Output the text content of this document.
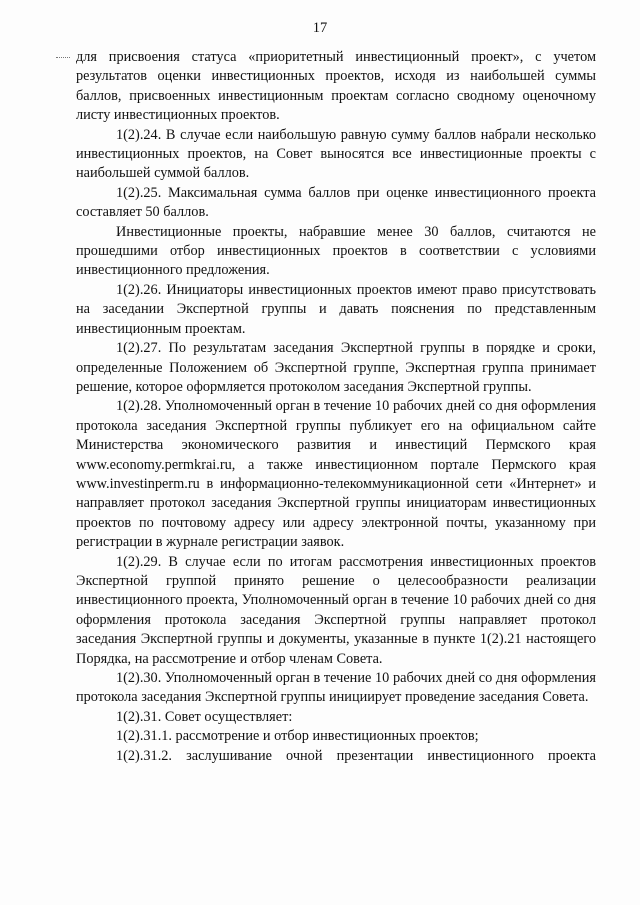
17

для присвоения статуса «приоритетный инвестиционный проект», с учетом результатов оценки инвестиционных проектов, исходя из наибольшей суммы баллов, присвоенных инвестиционным проектам согласно сводному оценочному листу инвестиционных проектов.

1(2).24. В случае если наибольшую равную сумму баллов набрали несколько инвестиционных проектов, на Совет выносятся все инвестиционные проекты с наибольшей суммой баллов.

1(2).25. Максимальная сумма баллов при оценке инвестиционного проекта составляет 50 баллов.

Инвестиционные проекты, набравшие менее 30 баллов, считаются не прошедшими отбор инвестиционных проектов в соответствии с условиями инвестиционного предложения.

1(2).26. Инициаторы инвестиционных проектов имеют право присутствовать на заседании Экспертной группы и давать пояснения по представленным инвестиционным проектам.

1(2).27. По результатам заседания Экспертной группы в порядке и сроки, определенные Положением об Экспертной группе, Экспертная группа принимает решение, которое оформляется протоколом заседания Экспертной группы.

1(2).28. Уполномоченный орган в течение 10 рабочих дней со дня оформления протокола заседания Экспертной группы публикует его на официальном сайте Министерства экономического развития и инвестиций Пермского края www.economy.permkrai.ru, а также инвестиционном портале Пермского края www.investinperm.ru в информационно-телекоммуникационной сети «Интернет» и направляет протокол заседания Экспертной группы инициаторам инвестиционных проектов по почтовому адресу или адресу электронной почты, указанному при регистрации в журнале регистрации заявок.

1(2).29. В случае если по итогам рассмотрения инвестиционных проектов Экспертной группой принято решение о целесообразности реализации инвестиционного проекта, Уполномоченный орган в течение 10 рабочих дней со дня оформления протокола заседания Экспертной группы направляет протокол заседания Экспертной группы и документы, указанные в пункте 1(2).21 настоящего Порядка, на рассмотрение и отбор членам Совета.

1(2).30. Уполномоченный орган в течение 10 рабочих дней со дня оформления протокола заседания Экспертной группы инициирует проведение заседания Совета.

1(2).31. Совет осуществляет:

1(2).31.1. рассмотрение и отбор инвестиционных проектов;

1(2).31.2. заслушивание очной презентации инвестиционного проекта
